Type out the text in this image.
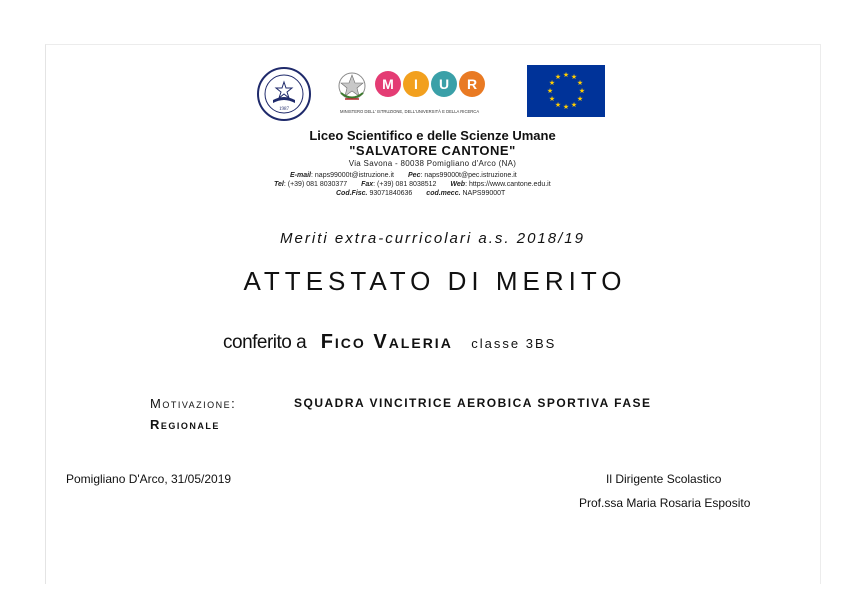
1987
M I U R
MINISTERO DELL' ISTRUZIONE, DELL'UNIVERSITÀ E DELLA RICERCA
★ ★
★
★
★
★
★
★
★
★
★
★
Liceo Scientifico e delle Scienze Umane
"SALVATORE CANTONE"
Via Savona - 80038 Pomigliano d'Arco (NA)
E-mail: naps99000t@istruzione.it Pec: naps99000t@pec.istruzione.it
Tel: (+39) 081 8030377 Fax: (+39) 081 8038512 Web: https://www.cantone.edu.it
Cod.Fisc. 93071840636 cod.mecc. NAPS99000T
Meriti extra-curricolari a.s. 2018/19
ATTESTATO DI MERITO
conferito a Fico Valeria classe 3BS
Motivazione:	SQUADRA VINCITRICE AEROBICA SPORTIVA FASE
Regionale
Pomigliano D'Arco, 31/05/2019	Il Dirigente Scolastico
Prof.ssa Maria Rosaria Esposito
